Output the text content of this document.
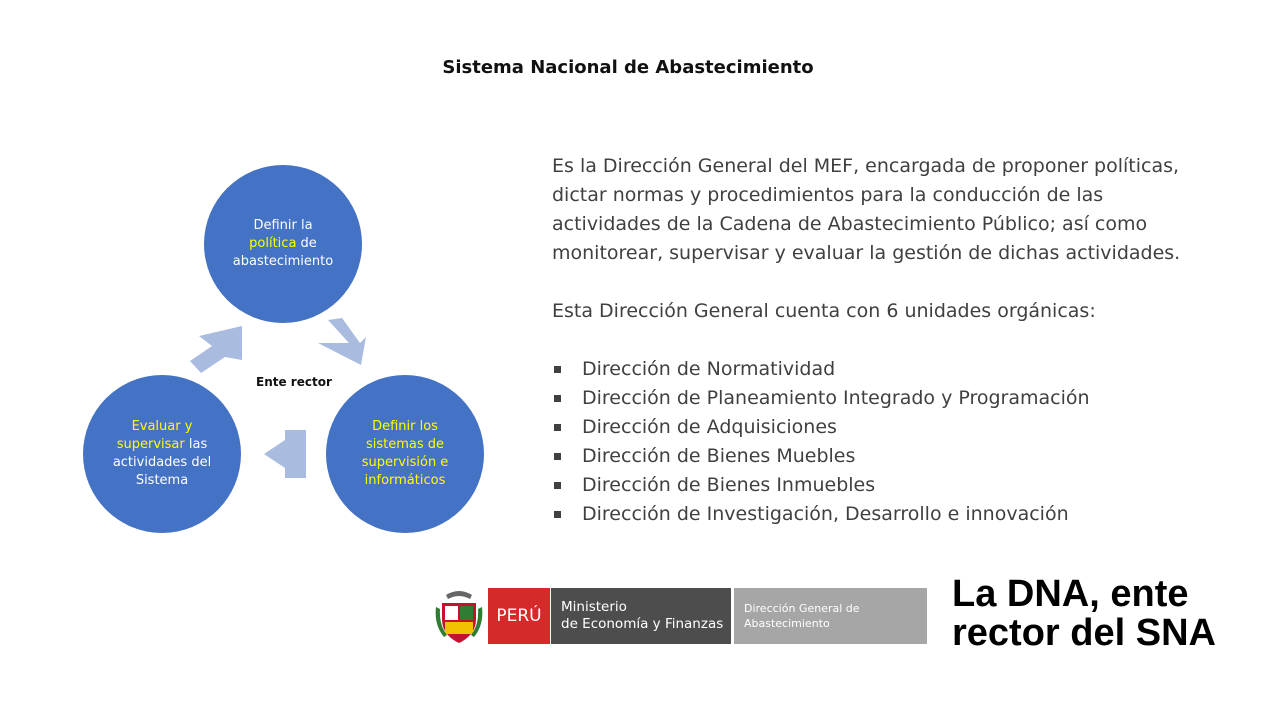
Sistema Nacional de Abastecimiento
Definir la
política de
abastecimiento
Evaluar y
supervisar las
actividades del
Sistema
Definir los
sistemas de
supervisión e
informáticos
Ente rector

Es la Dirección General del MEF, encargada de proponer políticas,
dictar normas y procedimientos para la conducción de las
actividades de la Cadena de Abastecimiento Público; así como
monitorear, supervisar y evaluar la gestión de dichas actividades.

Esta Dirección General cuenta con 6 unidades orgánicas:
Dirección de Normatividad
Dirección de Planeamiento Integrado y Programación
Dirección de Adquisiciones
Dirección de Bienes Muebles
Dirección de Bienes Inmuebles
Dirección de Investigación, Desarrollo e innovación
PERÚ	Ministerio
de Economía y Finanzas
Dirección General de
Abastecimiento
La DNA, ente
rector del SNA
